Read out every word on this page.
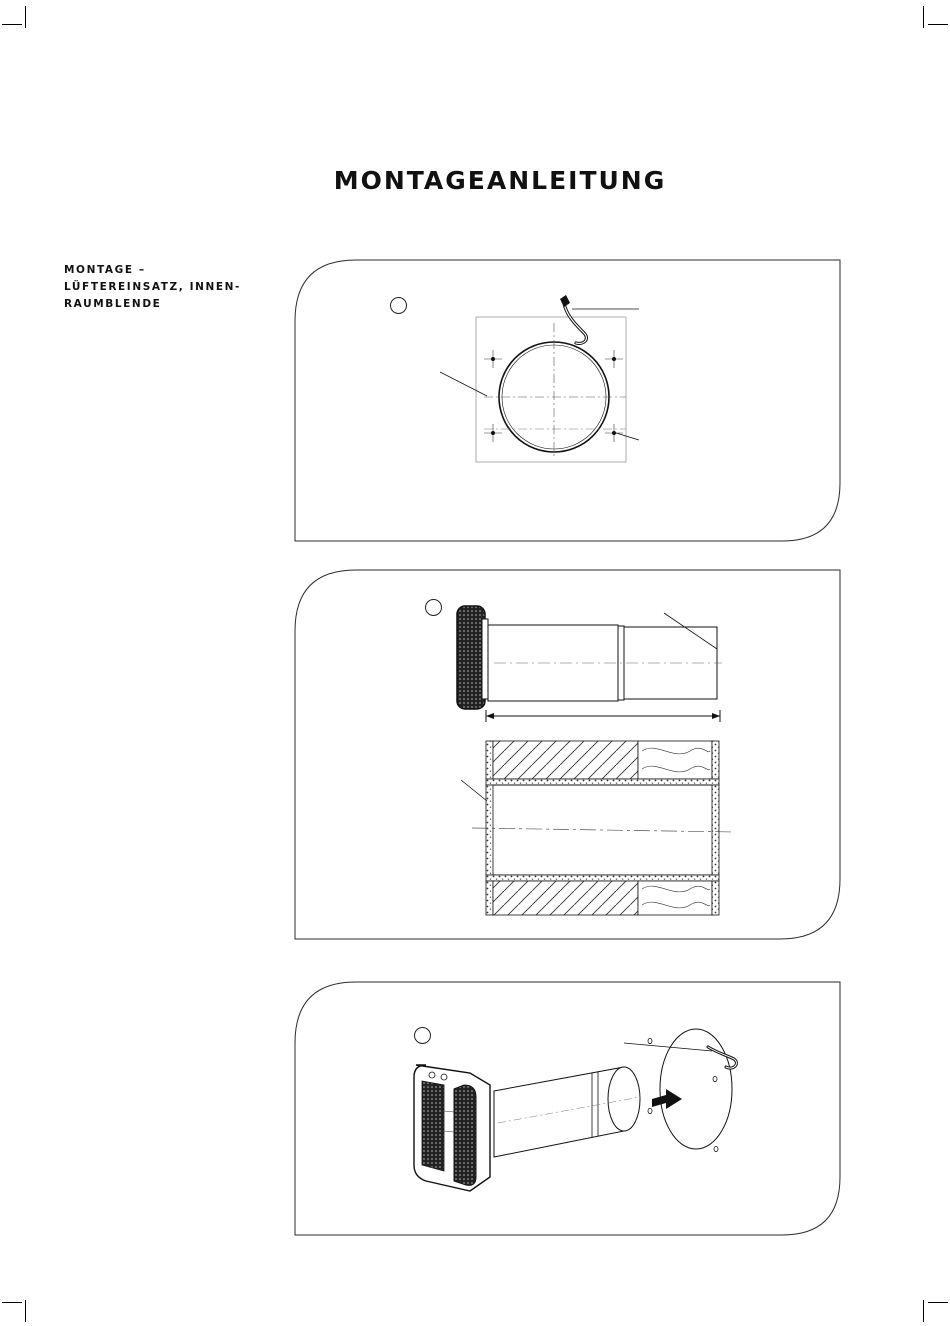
MONTAGEANLEITUNG
MONTAGE –
LÜFTEREINSATZ, INNEN-
RAUMBLENDE
